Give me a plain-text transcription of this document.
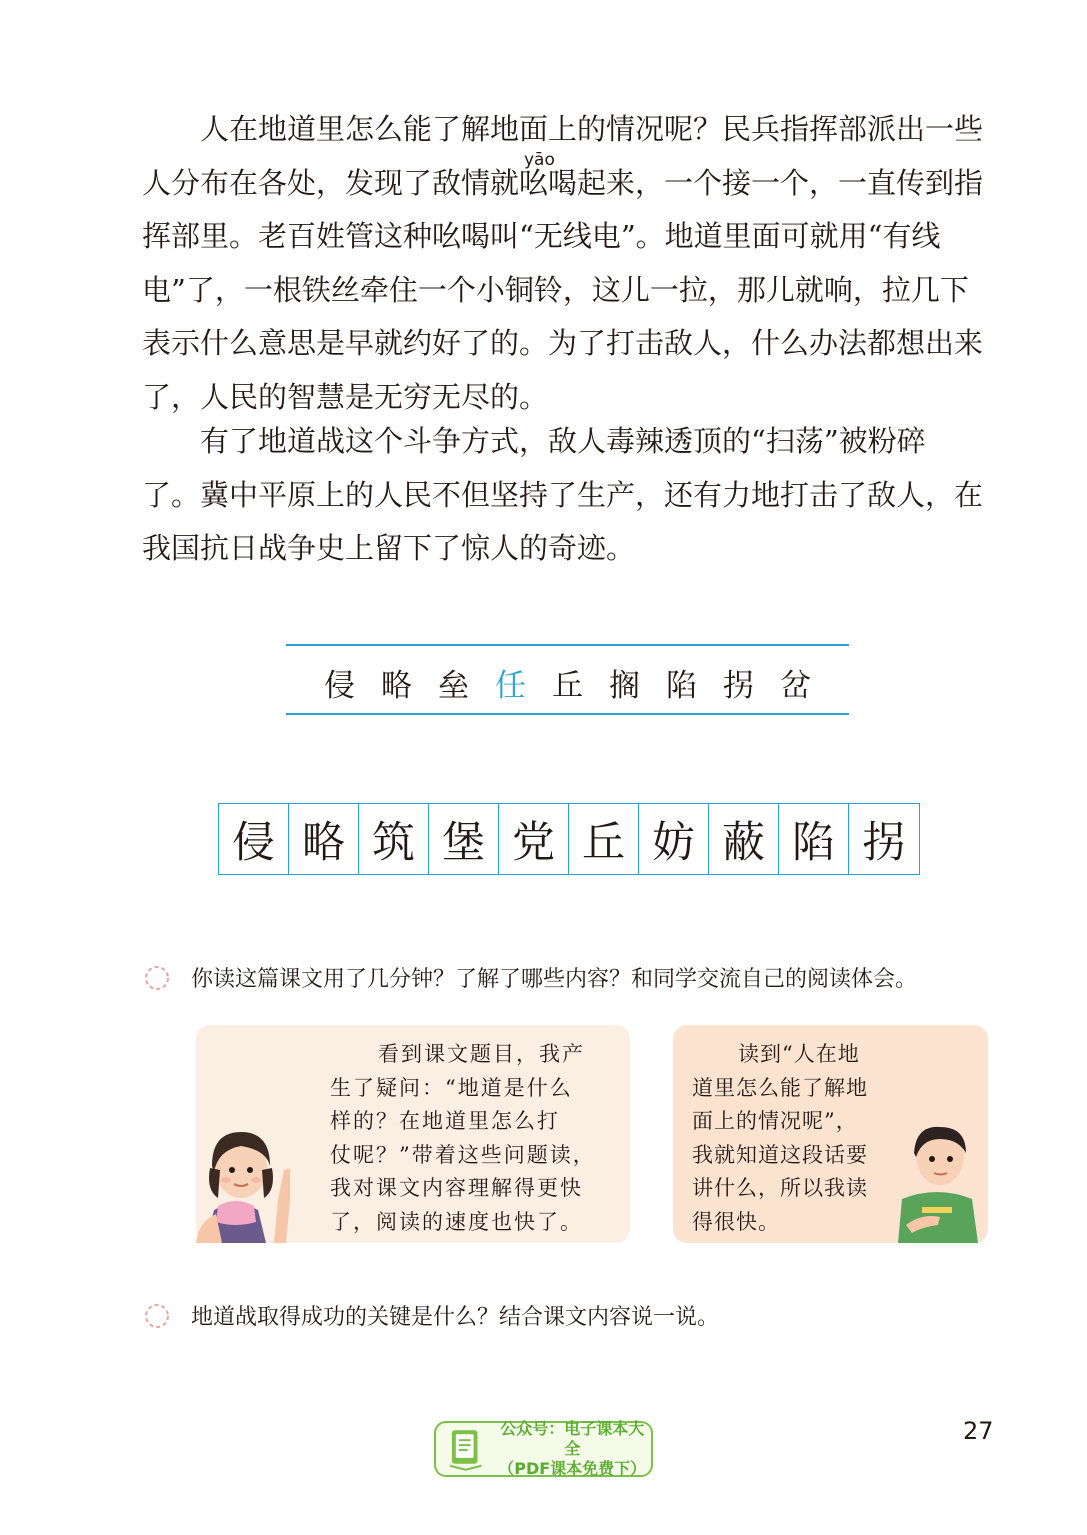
人在地道里怎么能了解地面上的情况呢？民兵指挥部派出一些
人分布在各处，发现了敌情就吆喝起来，一个接一个，一直传到指
挥部里。老百姓管这种吆喝叫“无线电”。地道里面可就用“有线
电”了，一根铁丝牵住一个小铜铃，这儿一拉，那儿就响，拉几下
表示什么意思是早就约好了的。为了打击敌人，什么办法都想出来
了，人民的智慧是无穷无尽的。
yāo
有了地道战这个斗争方式，敌人毒辣透顶的“扫荡”被粉碎
了。冀中平原上的人民不但坚持了生产，还有力地打击了敌人，在
我国抗日战争史上留下了惊人的奇迹。
侵 略 垒 任 丘 搁 陷 拐 岔
侵 略 筑 堡 党 丘 妨 蔽 陷 拐
你读这篇课文用了几分钟？了解了哪些内容？和同学交流自己的阅读体会。
看到课文题目，我产
生了疑问：“地道是什么
样的？在地道里怎么打
仗呢？”带着这些问题读，
我对课文内容理解得更快
了，阅读的速度也快了。
读到“人在地
道里怎么能了解地
面上的情况呢”，
我就知道这段话要
讲什么，所以我读
得很快。
地道战取得成功的关键是什么？结合课文内容说一说。
27
公众号：电子课本大全
（PDF课本免费下）
